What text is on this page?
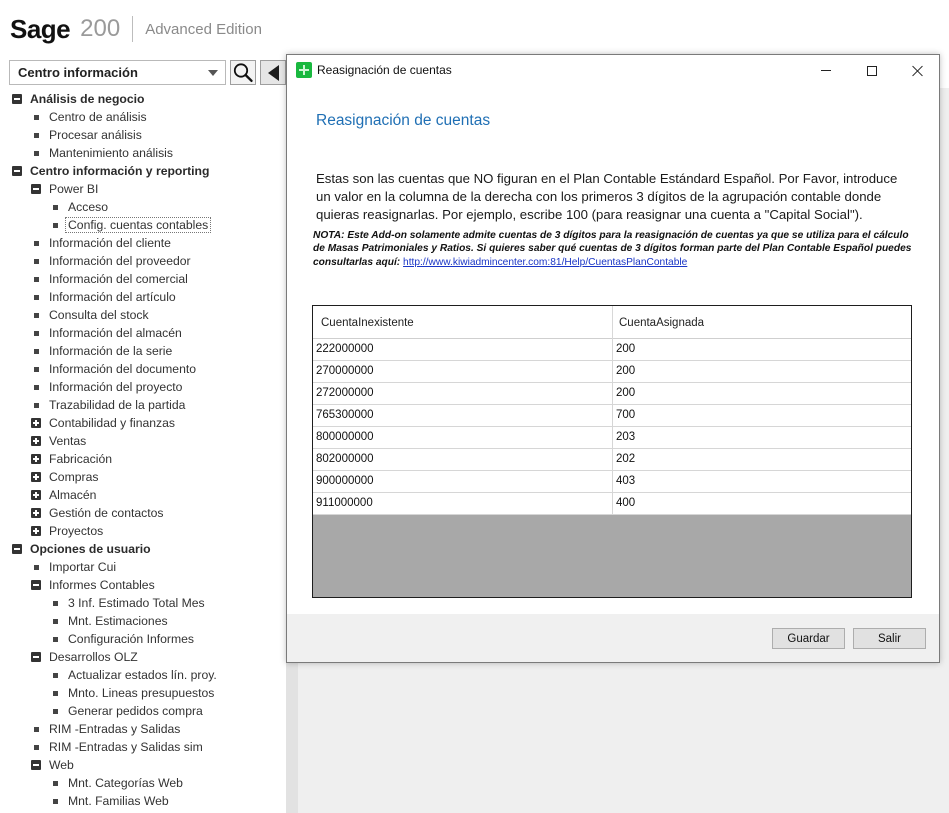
Sage 200 Advanced Edition
Centro información
Análisis de negocio
Centro de análisis
Procesar análisis
Mantenimiento análisis
Centro información y reporting
Power BI
Acceso
Config. cuentas contables
Información del cliente
Información del proveedor
Información del comercial
Información del artículo
Consulta del stock
Información del almacén
Información de la serie
Información del documento
Información del proyecto
Trazabilidad de la partida
Contabilidad y finanzas
Ventas
Fabricación
Compras
Almacén
Gestión de contactos
Proyectos
Opciones de usuario
Importar Cui
Informes Contables
3 Inf. Estimado Total Mes
Mnt. Estimaciones
Configuración Informes
Desarrollos OLZ
Actualizar estados lín. proy.
Mnto. Lineas presupuestos
Generar pedidos compra
RIM -Entradas y Salidas
RIM -Entradas y Salidas sim
Web
Mnt. Categorías Web
Mnt. Familias Web
Reasignación de cuentas
Reasignación de cuentas
Estas son las cuentas que NO figuran en el Plan Contable Estándard Español. Por Favor, introduce un valor en la columna de la derecha con los primeros 3 dígitos de la agrupación contable donde quieras reasignarlas. Por ejemplo, escribe 100 (para reasignar una cuenta a "Capital Social").
NOTA: Este Add-on solamente admite cuentas de 3 dígitos para la reasignación de cuentas ya que se utiliza para el cálculo de Masas Patrimoniales y Ratios. Si quieres saber qué cuentas de 3 dígitos forman parte del Plan Contable Español puedes consultarlas aquí: http://www.kiwiadmincenter.com:81/Help/CuentasPlanContable
CuentaInexistente	CuentaAsignada
222000000	200
270000000	200
272000000	200
765300000	700
800000000	203
802000000	202
900000000	403
911000000	400
Guardar	Salir
